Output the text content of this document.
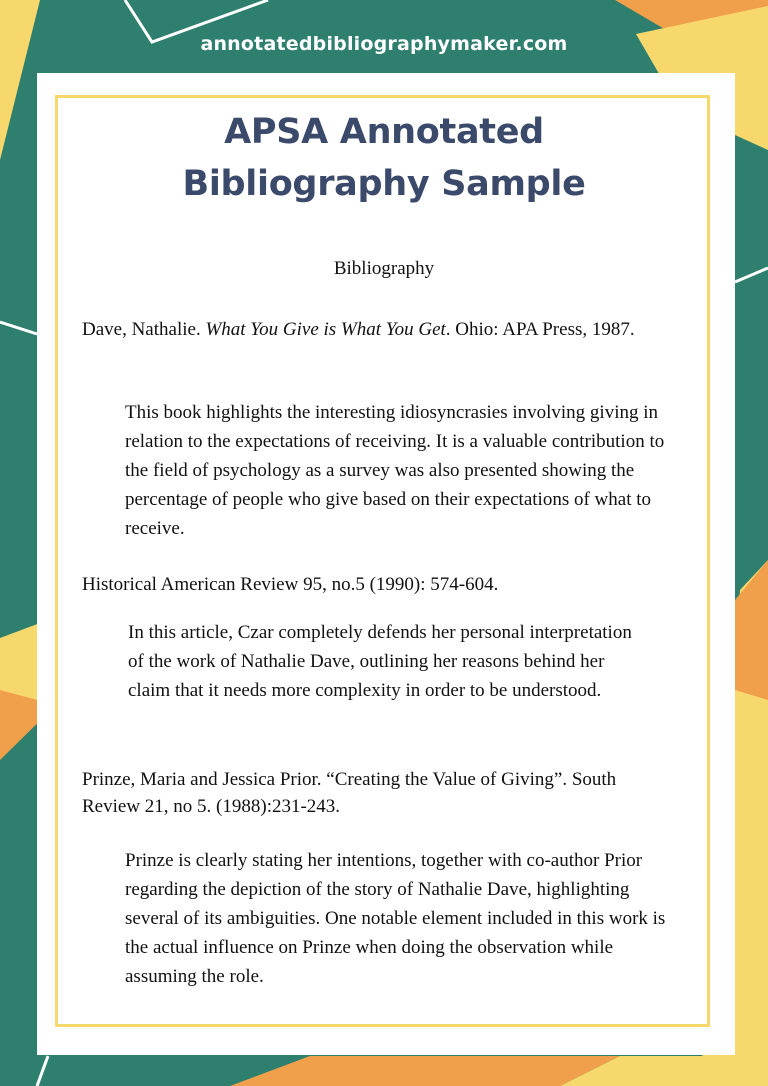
annotatedbibliographymaker.com
APSA Annotated
Bibliography Sample
Bibliography
Dave, Nathalie. What You Give is What You Get. Ohio: APA Press, 1987.
This book highlights the interesting idiosyncrasies involving giving in relation to the expectations of receiving. It is a valuable contribution to the field of psychology as a survey was also presented showing the percentage of people who give based on their expectations of what to receive.
Historical American Review 95, no.5 (1990): 574-604.
In this article, Czar completely defends her personal interpretation of the work of Nathalie Dave, outlining her reasons behind her claim that it needs more complexity in order to be understood.
Prinze, Maria and Jessica Prior. “Creating the Value of Giving”. South Review 21, no 5. (1988):231-243.
Prinze is clearly stating her intentions, together with co-author Prior regarding the depiction of the story of Nathalie Dave, highlighting several of its ambiguities. One notable element included in this work is the actual influence on Prinze when doing the observation while assuming the role.
